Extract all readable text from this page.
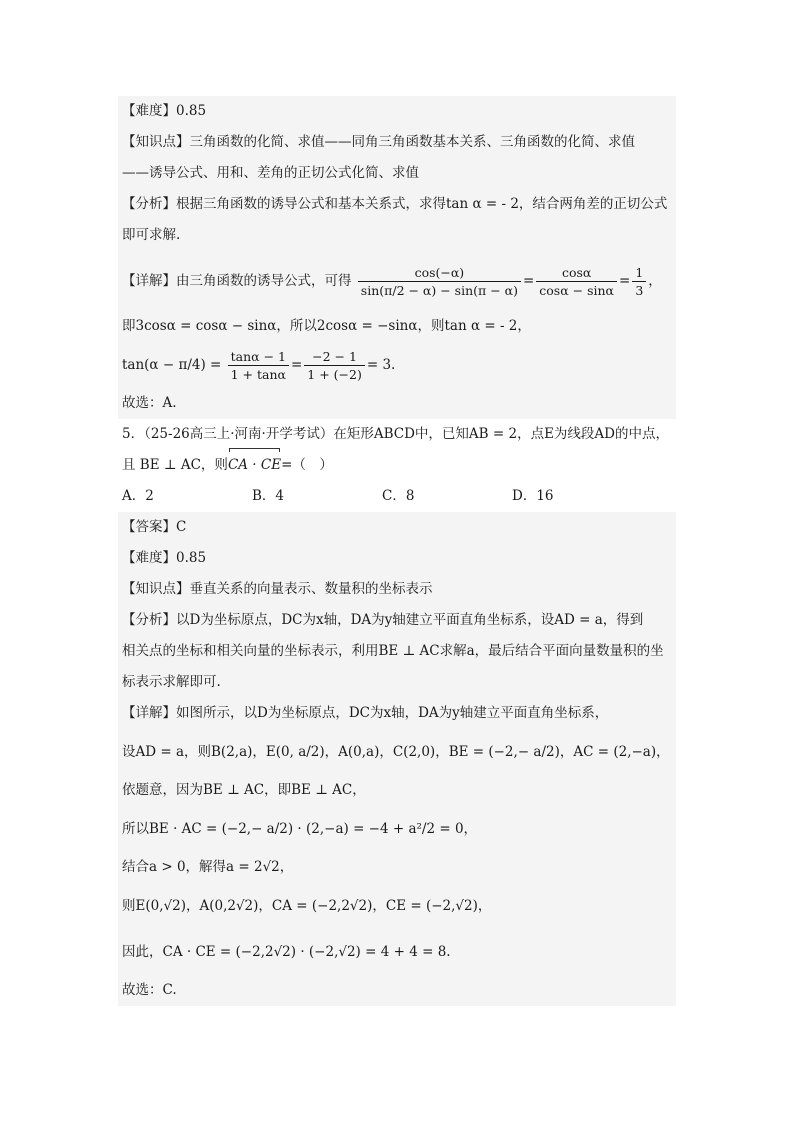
【难度】0.85
【知识点】三角函数的化简、求值——同角三角函数基本关系、三角函数的化简、求值
——诱导公式、用和、差角的正切公式化简、求值
【分析】根据三角函数的诱导公式和基本关系式，求得tan α = - 2，结合两角差的正切公式
即可求解.
【详解】由三角函数的诱导公式，可得 $\frac{\cos(-\alpha)}{\sin(\pi/2 - \alpha) - \sin(\pi - \alpha)} = \frac{\cos\alpha}{\cos\alpha - \sin\alpha} = \frac{1}{3}$ ，
即3cosα = cosα − sinα，所以2cosα = −sinα，则tan α = - 2，
$\tan(\alpha - \pi/4) = \frac{\tan\alpha - 1}{1 + \tan\alpha} = \frac{-2 - 1}{1 + (-2)} = 3$.
故选：A.
5．（25-26高三上·河南·开学考试）在矩形ABCD中，已知AB = 2，点E为线段AD的中点，
且 BE ⊥ AC，则CA · CE=（　）
A．2	B．4	C．8	D．16
【答案】C
【难度】0.85
【知识点】垂直关系的向量表示、数量积的坐标表示
【分析】以D为坐标原点，DC为x轴，DA为y轴建立平面直角坐标系，设AD = a，得到
相关点的坐标和相关向量的坐标表示，利用BE ⊥ AC求解a，最后结合平面向量数量积的坐
标表示求解即可.
【详解】如图所示，以D为坐标原点，DC为x轴，DA为y轴建立平面直角坐标系，
设AD = a，则B(2,a)，E(0, a/2)，A(0,a)，C(2,0)，BE = (−2,− a/2)，AC = (2,−a)，
依题意，因为BE ⊥ AC，即BE ⊥ AC，
所以BE · AC = (−2,− a/2) · (2,−a) = −4 + a²/2 = 0，
结合a > 0，解得a = 2√2，
则E(0,√2)，A(0,2√2)，CA = (−2,2√2)，CE = (−2,√2)，
因此，CA · CE = (−2,2√2) · (−2,√2) = 4 + 4 = 8.
故选：C.
